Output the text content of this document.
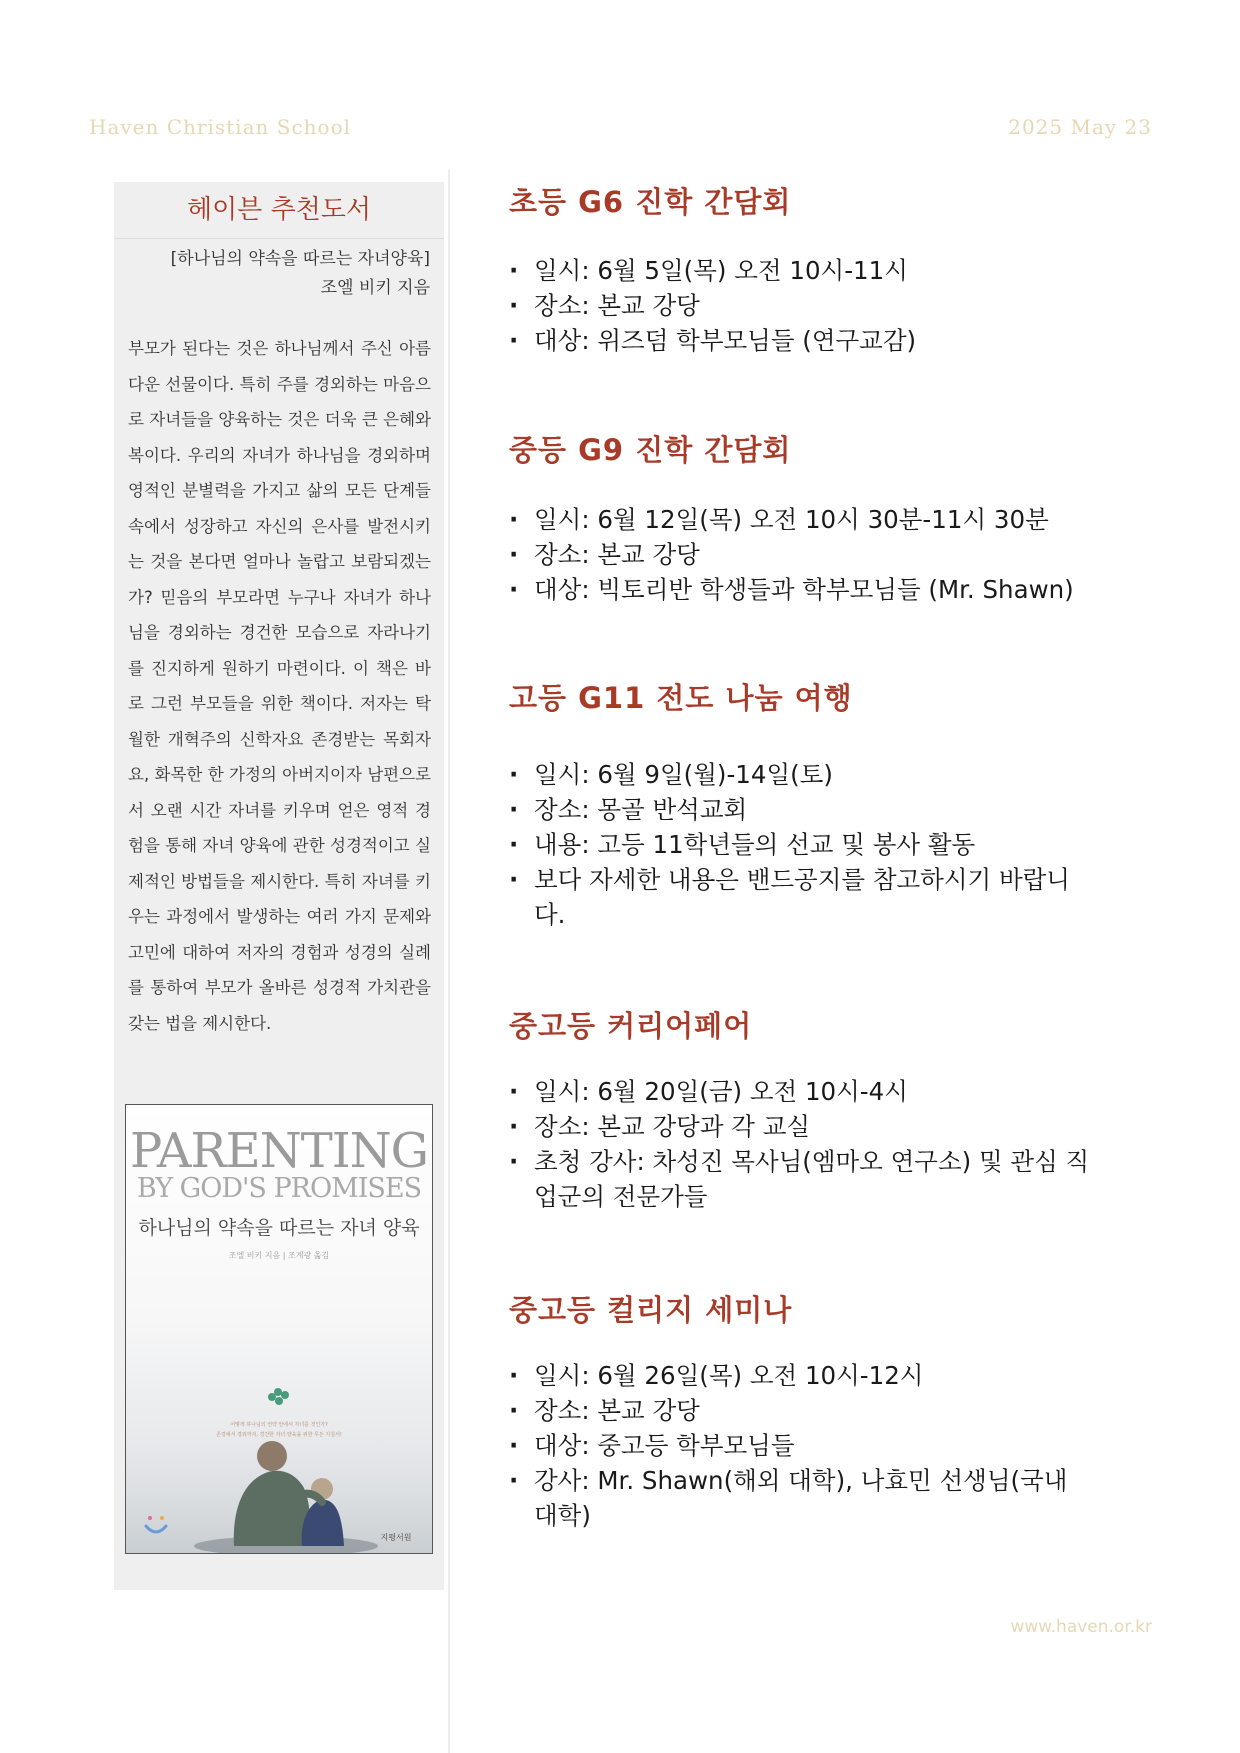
Haven Christian School	2025 May 23
헤이븐 추천도서
[하나님의 약속을 따르는 자녀양육]
조엘 비키 지음

부모가 된다는 것은 하나님께서 주신 아름다운 선물이다. 특히 주를 경외하는 마음으로 자녀들을 양육하는 것은 더욱 큰 은혜와 복이다. 우리의 자녀가 하나님을 경외하며 영적인 분별력을 가지고 삶의 모든 단계들 속에서 성장하고 자신의 은사를 발전시키는 것을 본다면 얼마나 놀랍고 보람되겠는가? 믿음의 부모라면 누구나 자녀가 하나님을 경외하는 경건한 모습으로 자라나기를 진지하게 원하기 마련이다. 이 책은 바로 그런 부모들을 위한 책이다. 저자는 탁월한 개혁주의 신학자요 존경받는 목회자요, 화목한 한 가정의 아버지이자 남편으로서 오랜 시간 자녀를 키우며 얻은 영적 경험을 통해 자녀 양육에 관한 성경적이고 실제적인 방법들을 제시한다. 특히 자녀를 키우는 과정에서 발생하는 여러 가지 문제와 고민에 대하여 저자의 경험과 성경의 실례를 통하여 부모가 올바른 성경적 가치관을 갖는 법을 제시한다.

PARENTING
BY GOD'S PROMISES
하나님의 약속을 따르는 자녀 양육
조엘 비키 지음 | 조계광 옮김
어떻게 하나님의 언약 안에서 자녀를 것인가?
존경에서 경외까지, 경건한 자녀 양육을 위한 무든 지침서!
지평서원
초등 G6 진학 간담회
· 일시: 6월 5일(목) 오전 10시-11시
· 장소: 본교 강당
· 대상: 위즈덤 학부모님들 (연구교감)
중등 G9 진학 간담회
· 일시: 6월 12일(목) 오전 10시 30분-11시 30분
· 장소: 본교 강당
· 대상: 빅토리반 학생들과 학부모님들 (Mr. Shawn)
고등 G11 전도 나눔 여행
· 일시: 6월 9일(월)-14일(토)
· 장소: 몽골 반석교회
· 내용: 고등 11학년들의 선교 및 봉사 활동
· 보다 자세한 내용은 밴드공지를 참고하시기 바랍니다.
중고등 커리어페어
· 일시: 6월 20일(금) 오전 10시-4시
· 장소: 본교 강당과 각 교실
· 초청 강사: 차성진 목사님(엠마오 연구소) 및 관심 직업군의 전문가들
중고등 컬리지 세미나
· 일시: 6월 26일(목) 오전 10시-12시
· 장소: 본교 강당
· 대상: 중고등 학부모님들
· 강사: Mr. Shawn(해외 대학), 나효민 선생님(국내 대학)
www.haven.or.kr
